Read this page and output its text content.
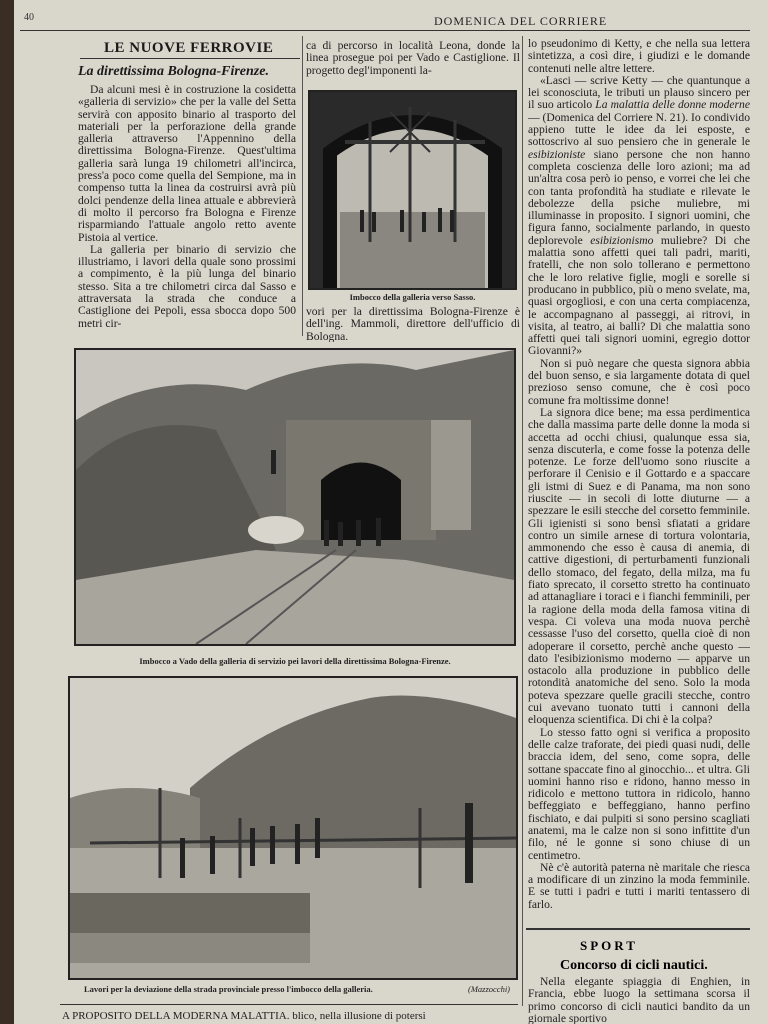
40	DOMENICA DEL CORRIERE
LE NUOVE FERROVIE
La direttissima Bologna-Firenze.

Da alcuni mesi è in costruzione la cosidetta «galleria di servizio» che per la valle del Setta servirà con apposito binario al trasporto del materiali per la perforazione della grande galleria attraverso l'Appennino della direttissima Bologna-Firenze. Quest'ultima galleria sarà lunga 19 chilometri all'incirca, press'a poco come quella del Sempione, ma in compenso tutta la linea da costruirsi avrà più dolci pendenze della linea attuale e abbrevierà di molto il percorso fra Bologna e Firenze risparmiando l'attuale angolo retto avente Pistoia al vertice.

La galleria per binario di servizio che illustriamo, i lavori della quale sono prossimi a compimento, è la più lunga del binario stesso. Sita a tre chilometri circa dal Sasso e attraversata la strada che conduce a Castiglione dei Pepoli, essa sbocca dopo 500 metri cir-

ca di percorso in località Leona, donde la linea prosegue poi per Vado e Castiglione. Il progetto degl'imponenti la-

Imbocco della galleria verso Sasso.

vori per la direttissima Bologna-Firenze è dell'ing. Mammoli, direttore dell'ufficio di Bologna.

Imbocco a Vado della galleria di servizio pei lavori della direttissima Bologna-Firenze.
Lavori per la deviazione della strada provinciale presso l'imbocco della galleria.	(Mazzocchi)

lo pseudonimo di Ketty, e che nella sua lettera sintetizza, a così dire, i giudizi e le domande contenuti nelle altre lettere.

«Lasci — scrive Ketty — che quantunque a lei sconosciuta, le tributi un plauso sincero per il suo articolo La malattia delle donne moderne — (Domenica del Corriere N. 21). Io condivido appieno tutte le idee da lei esposte, e sottoscrivo al suo pensiero che in generale le esibizioniste siano persone che non hanno completa coscienza delle loro azioni; ma ad un'altra cosa però io penso, e vorrei che lei che con tanta profondità ha studiate e rilevate le debolezze della psiche muliebre, mi illuminasse in proposito. I signori uomini, che figura fanno, socialmente parlando, in questo deplorevole esibizionismo muliebre? Di che malattia sono affetti quei tali padri, mariti, fratelli, che non solo tollerano e permettono che le loro relative figlie, mogli e sorelle si producano in pubblico, più o meno svelate, ma, quasi orgogliosi, e con una certa compiacenza, le accompagnano al passeggi, ai ritrovi, in visita, al teatro, ai balli? Di che malattia sono affetti quei tali signori uomini, egregio dottor Giovanni?»

Non si può negare che questa signora abbia del buon senso, e sia largamente dotata di quel prezioso senso comune, che è così poco comune fra moltissime donne!

La signora dice bene; ma essa perdimentica che dalla massima parte delle donne la moda si accetta ad occhi chiusi, qualunque essa sia, senza discuterla, e come fosse la potenza delle potenze. Le forze dell'uomo sono riuscite a perforare il Cenisio e il Gottardo e a spaccare gli istmi di Suez e di Panama, ma non sono riuscite — in secoli di lotte diuturne — a spezzare le esili stecche del corsetto femminile. Gli igienisti si sono bensì sfiatati a gridare contro un simile arnese di tortura volontaria, ammonendo che esso è causa di anemia, di cattive digestioni, di perturbamenti funzionali dello stomaco, del fegato, della milza, ma fu fiato sprecato, il corsetto stretto ha continuato ad attanagliare i toraci e i fianchi femminili, per la ragione della moda della famosa vitina di vespa. Ci voleva una moda nuova perchè cessasse l'uso del corsetto, quella cioè di non adoperare il corsetto, perchè anche questo — dato l'esibizionismo moderno — apparve un ostacolo alla produzione in pubblico delle rotondità anatomiche del seno. Solo la moda poteva spezzare quelle gracili stecche, contro cui avevano tuonato tutti i cannoni della eloquenza scientifica. Di chi è la colpa?

Lo stesso fatto ogni si verifica a proposito delle calze traforate, dei piedi quasi nudi, delle braccia idem, del seno, come sopra, delle sottane spaccate fino al ginocchio... et ultra. Gli uomini hanno riso e ridono, hanno messo in ridicolo e mettono tuttora in ridicolo, hanno beffeggiato e beffeggiano, hanno perfino fischiato, e dai pulpiti si sono persino scagliati anatemi, ma le calze non si sono infittite d'un filo, né le gonne si sono chiuse di un centimetro.

Nè c'è autorità paterna nè maritale che riesca a modificare di un zinzino la moda femminile. E se tutti i padri e tutti i mariti tentassero di farlo.

SPORT
Concorso di cicli nautici.

Nella elegante spiaggia di Enghien, in Francia, ebbe luogo la settimana scorsa il primo concorso di cicli nautici bandito da un giornale sportivo

A PROPOSITO DELLA MODERNA MALATTIA. blico, nella illusione di potersi
